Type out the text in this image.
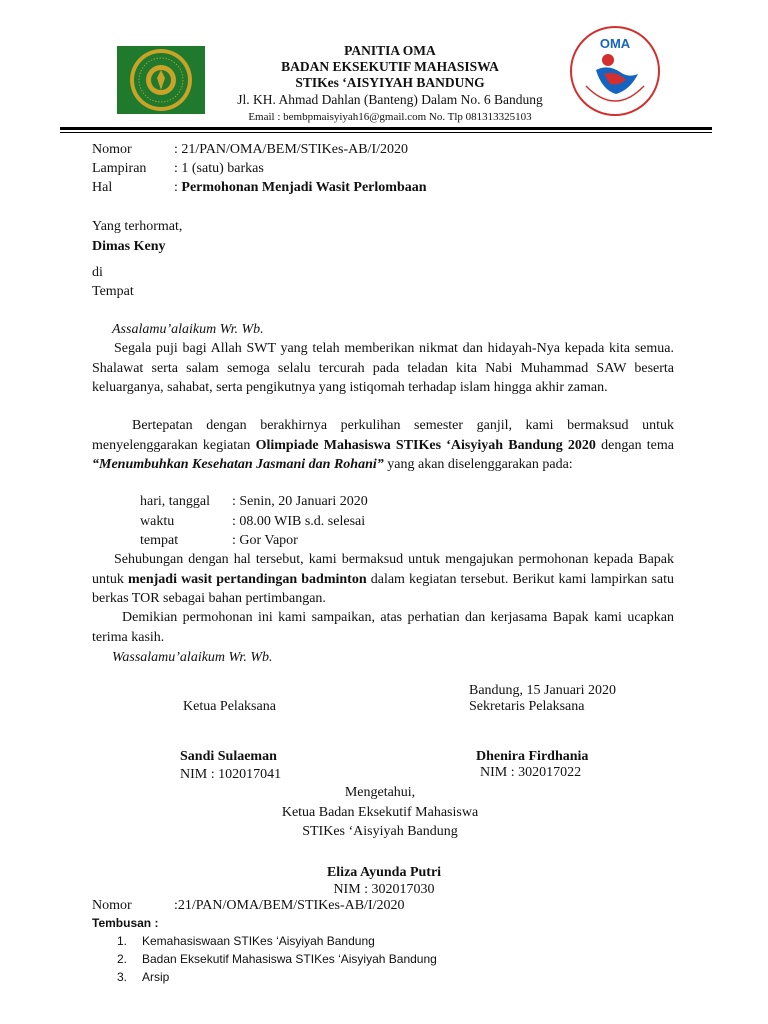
PANITIA OMA
BADAN EKSEKUTIF MAHASISWA
STIKes ‘AISYIYAH BANDUNG
Jl. KH. Ahmad Dahlan (Banteng) Dalam No. 6 Bandung
Email : bembpmaisyiyah16@gmail.com No. Tlp 081313325103
OMA
Nomor	: 21/PAN/OMA/BEM/STIKes-AB/I/2020
Lampiran	: 1 (satu) barkas
Hal	: Permohonan Menjadi Wasit Perlombaan
Yang terhormat,
Dimas Keny
di
Tempat
Assalamu’alaikum Wr. Wb.
Segala puji bagi Allah SWT yang telah memberikan nikmat dan hidayah-Nya kepada kita semua. Shalawat serta salam semoga selalu tercurah pada teladan kita Nabi Muhammad SAW beserta keluarganya, sahabat, serta pengikutnya yang istiqomah terhadap islam hingga akhir zaman.
Bertepatan dengan berakhirnya perkulihan semester ganjil, kami bermaksud untuk menyelenggarakan kegiatan Olimpiade Mahasiswa STIKes ‘Aisyiyah Bandung 2020 dengan tema “Menumbuhkan Kesehatan Jasmani dan Rohani” yang akan diselenggarakan pada:
hari, tanggal : Senin, 20 Januari 2020
waktu	: 08.00 WIB s.d. selesai
tempat	: Gor Vapor
Sehubungan dengan hal tersebut, kami bermaksud untuk mengajukan permohonan kepada Bapak untuk menjadi wasit pertandingan badminton dalam kegiatan tersebut. Berikut kami lampirkan satu berkas TOR sebagai bahan pertimbangan.
Demikian permohonan ini kami sampaikan, atas perhatian dan kerjasama Bapak kami ucapkan terima kasih.
Wassalamu’alaikum Wr. Wb.
Bandung, 15 Januari 2020
Ketua Pelaksana	Sekretaris Pelaksana
Sandi Sulaeman
NIM : 102017041
Dhenira Firdhania
NIM : 302017022
Mengetahui,
Ketua Badan Eksekutif Mahasiswa
STIKes ‘Aisyiyah Bandung
Eliza Ayunda Putri
NIM : 302017030
Nomor	:21/PAN/OMA/BEM/STIKes-AB/I/2020
Tembusan :
1. Kemahasiswaan STIKes ‘Aisyiyah Bandung
2. Badan Eksekutif Mahasiswa STIKes ‘Aisyiyah Bandung
3. Arsip
